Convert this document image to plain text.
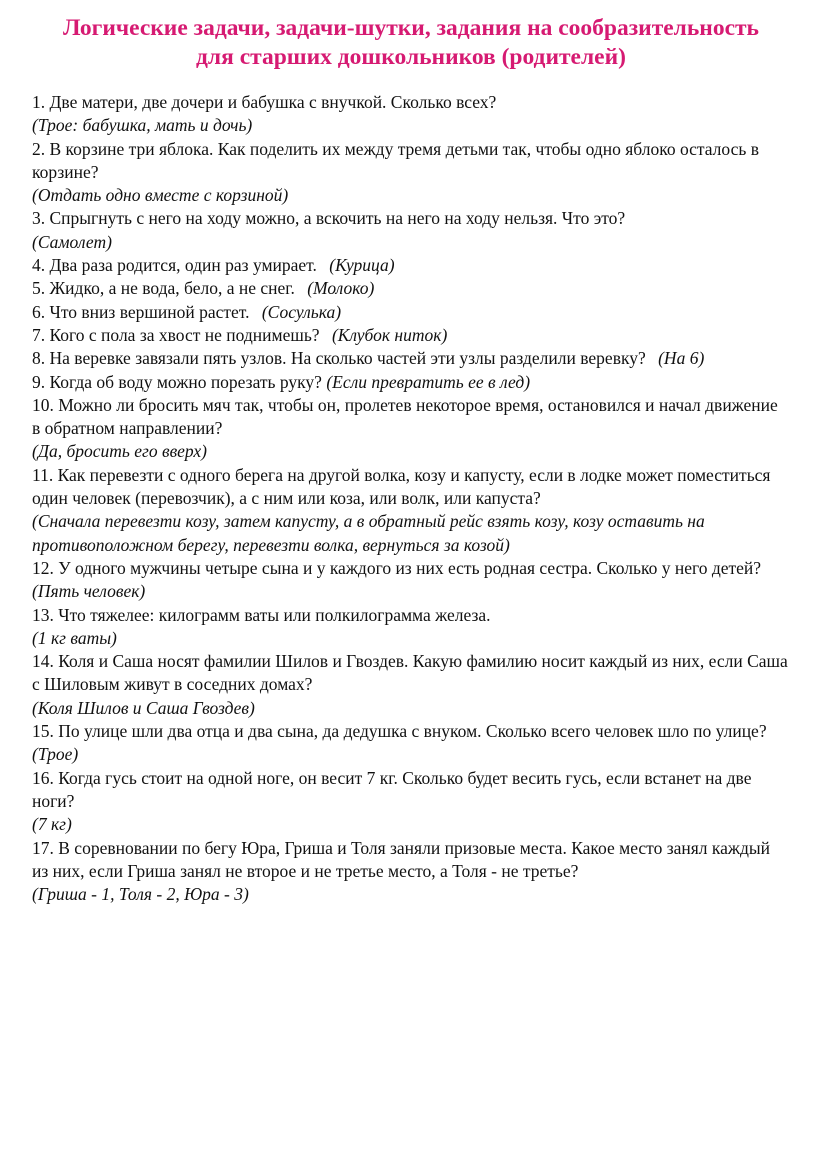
Логические задачи, задачи-шутки, задания на сообразительность
для старших дошкольников (родителей)

1. Две матери, две дочери и бабушка с внучкой. Сколько всех?
(Трое: бабушка, мать и дочь)

2. В корзине три яблока. Как поделить их между тремя детьми так, чтобы одно яблоко осталось в корзине?
(Отдать одно вместе с корзиной)

3. Спрыгнуть с него на ходу можно, а вскочить на него на ходу нельзя. Что это?
(Самолет)

4. Два раза родится, один раз умирает. (Курица)

5. Жидко, а не вода, бело, а не снег. (Молоко)

6. Что вниз вершиной растет. (Сосулька)

7. Кого с пола за хвост не поднимешь? (Клубок ниток)

8. На веревке завязали пять узлов. На сколько частей эти узлы разделили веревку? (На 6)

9. Когда об воду можно порезать руку? (Если превратить ее в лед)

10. Можно ли бросить мяч так, чтобы он, пролетев некоторое время, остановился и начал движение в обратном направлении?
(Да, бросить его вверх)

11. Как перевезти с одного берега на другой волка, козу и капусту, если в лодке может поместиться один человек (перевозчик), а с ним или коза, или волк, или капуста?
(Сначала перевезти козу, затем капусту, а в обратный рейс взять козу, козу оставить на противоположном берегу, перевезти волка, вернуться за козой)

12. У одного мужчины четыре сына и у каждого из них есть родная сестра. Сколько у него детей?
(Пять человек)

13. Что тяжелее: килограмм ваты или полкилограмма железа.
(1 кг ваты)

14. Коля и Саша носят фамилии Шилов и Гвоздев. Какую фамилию носит каждый из них, если Саша с Шиловым живут в соседних домах?
(Коля Шилов и Саша Гвоздев)

15. По улице шли два отца и два сына, да дедушка с внуком. Сколько всего человек шло по улице?
(Трое)

16. Когда гусь стоит на одной ноге, он весит 7 кг. Сколько будет весить гусь, если встанет на две ноги?
(7 кг)

17. В соревновании по бегу Юра, Гриша и Толя заняли призовые места. Какое место занял каждый из них, если Гриша занял не второе и не третье место, а Толя - не третье?
(Гриша - 1, Толя - 2, Юра - 3)
